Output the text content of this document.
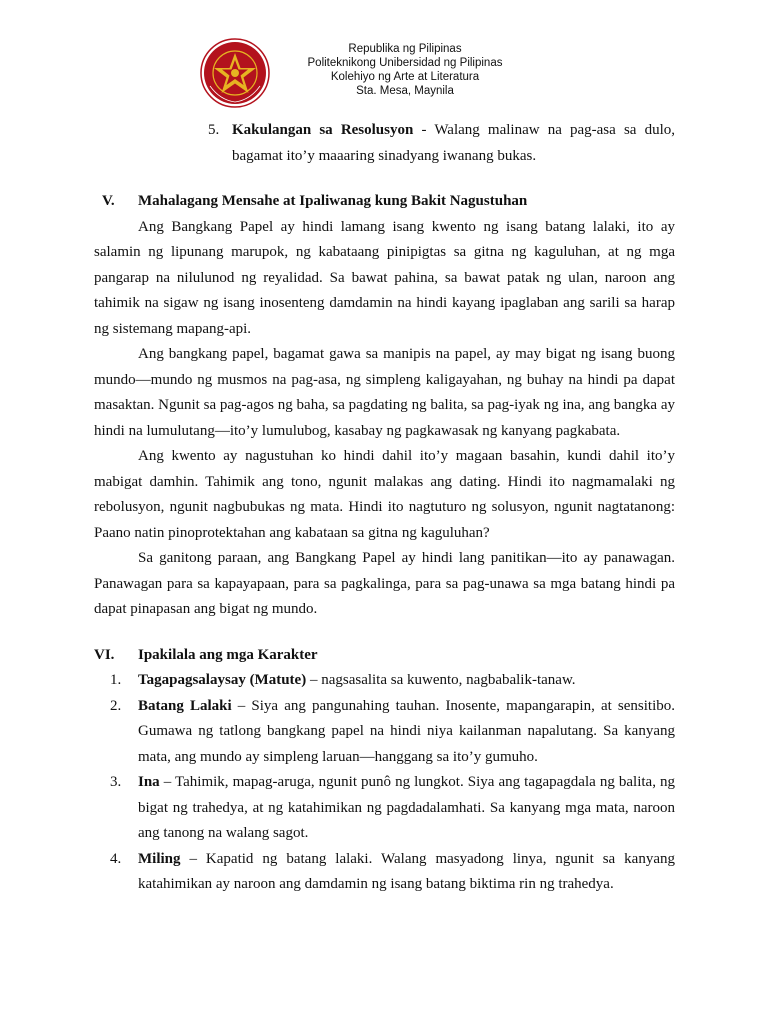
Republika ng Pilipinas
Politeknikong Unibersidad ng Pilipinas
Kolehiyo ng Arte at Literatura
Sta. Mesa, Maynila
5. Kakulangan sa Resolusyon - Walang malinaw na pag-asa sa dulo, bagamat ito’y maaaring sinadyang iwanang bukas.
V. Mahalagang Mensahe at Ipaliwanag kung Bakit Nagustuhan

Ang Bangkang Papel ay hindi lamang isang kwento ng isang batang lalaki, ito ay salamin ng lipunang marupok, ng kabataang pinipigtas sa gitna ng kaguluhan, at ng mga pangarap na nilulunod ng reyalidad. Sa bawat pahina, sa bawat patak ng ulan, naroon ang tahimik na sigaw ng isang inosenteng damdamin na hindi kayang ipaglaban ang sarili sa harap ng sistemang mapang-api.

Ang bangkang papel, bagamat gawa sa manipis na papel, ay may bigat ng isang buong mundo—mundo ng musmos na pag-asa, ng simpleng kaligayahan, ng buhay na hindi pa dapat masaktan. Ngunit sa pag-agos ng baha, sa pagdating ng balita, sa pag-iyak ng ina, ang bangka ay hindi na lumulutang—ito’y lumulubog, kasabay ng pagkawasak ng kanyang pagkabata.

Ang kwento ay nagustuhan ko hindi dahil ito’y magaan basahin, kundi dahil ito’y mabigat damhin. Tahimik ang tono, ngunit malakas ang dating. Hindi ito nagmamalaki ng rebolusyon, ngunit nagbubukas ng mata. Hindi ito nagtuturo ng solusyon, ngunit nagtatanong: Paano natin pinoprotektahan ang kabataan sa gitna ng kaguluhan?

Sa ganitong paraan, ang Bangkang Papel ay hindi lang panitikan—ito ay panawagan. Panawagan para sa kapayapaan, para sa pagkalinga, para sa pag-unawa sa mga batang hindi pa dapat pinapasan ang bigat ng mundo.

VI. Ipakilala ang mga Karakter
1. Tagapagsalaysay (Matute) – nagsasalita sa kuwento, nagbabalik-tanaw.
2. Batang Lalaki – Siya ang pangunahing tauhan. Inosente, mapangarapin, at sensitibo. Gumawa ng tatlong bangkang papel na hindi niya kailanman napalutang. Sa kanyang mata, ang mundo ay simpleng laruan—hanggang sa ito’y gumuho.
3. Ina – Tahimik, mapag-aruga, ngunit punô ng lungkot. Siya ang tagapagdala ng balita, ng bigat ng trahedya, at ng katahimikan ng pagdadalamhati. Sa kanyang mga mata, naroon ang tanong na walang sagot.
4. Miling – Kapatid ng batang lalaki. Walang masyadong linya, ngunit sa kanyang katahimikan ay naroon ang damdamin ng isang batang biktima rin ng trahedya.
